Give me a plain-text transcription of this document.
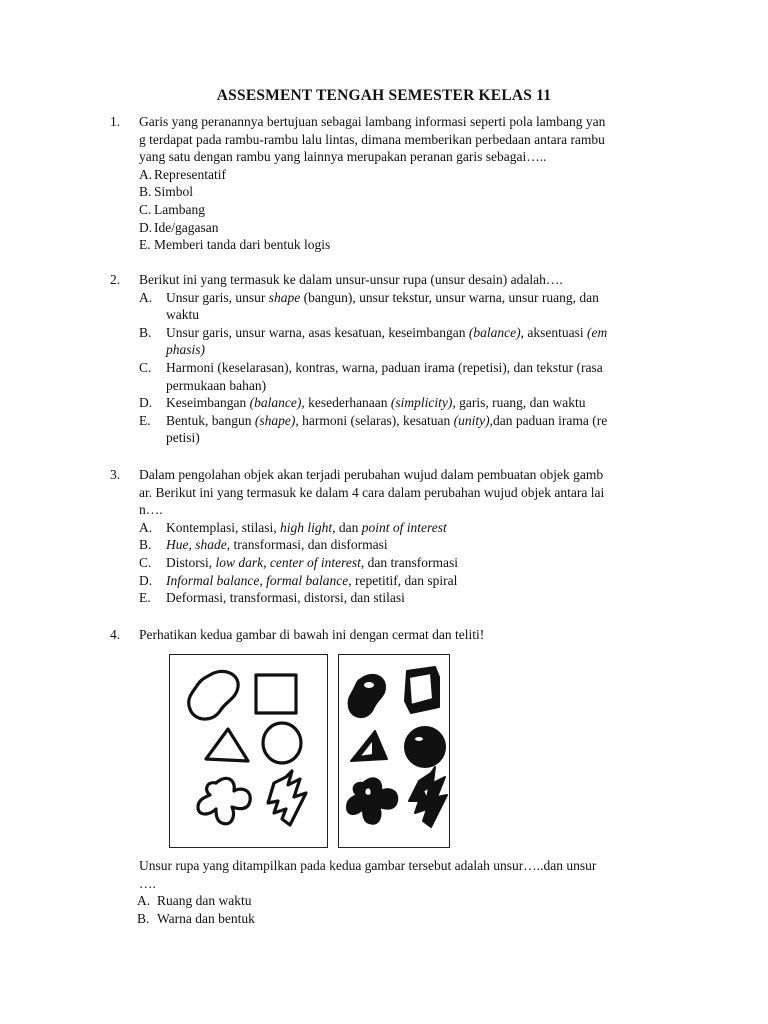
ASSESMENT TENGAH SEMESTER KELAS 11
1. Garis yang peranannya bertujuan sebagai lambang informasi seperti pola lambang yan
g terdapat pada rambu-rambu lalu lintas, dimana memberikan perbedaan antara rambu
yang satu dengan rambu yang lainnya merupakan peranan garis sebagai…..
A. Representatif
B. Simbol
C. Lambang
D. Ide/gagasan
E. Memberi tanda dari bentuk logis
2. Berikut ini yang termasuk ke dalam unsur-unsur rupa (unsur desain) adalah….
A. Unsur garis, unsur shape (bangun), unsur tekstur, unsur warna, unsur ruang, dan
waktu
B. Unsur garis, unsur warna, asas kesatuan, keseimbangan (balance), aksentuasi (em
phasis)
C. Harmoni (keselarasan), kontras, warna, paduan irama (repetisi), dan tekstur (rasa
permukaan bahan)
D. Keseimbangan (balance), kesederhanaan (simplicity), garis, ruang, dan waktu
E. Bentuk, bangun (shape), harmoni (selaras), kesatuan (unity),dan paduan irama (re
petisi)
3. Dalam pengolahan objek akan terjadi perubahan wujud dalam pembuatan objek gamb
ar. Berikut ini yang termasuk ke dalam 4 cara dalam perubahan wujud objek antara lai
n….
A. Kontemplasi, stilasi, high light, dan point of interest
B. Hue, shade, transformasi, dan disformasi
C. Distorsi, low dark, center of interest, dan transformasi
D. Informal balance, formal balance, repetitif, dan spiral
E. Deformasi, transformasi, distorsi, dan stilasi
4. Perhatikan kedua gambar di bawah ini dengan cermat dan teliti!
Unsur rupa yang ditampilkan pada kedua gambar tersebut adalah unsur…..dan unsur
….
A. Ruang dan waktu
B. Warna dan bentuk
